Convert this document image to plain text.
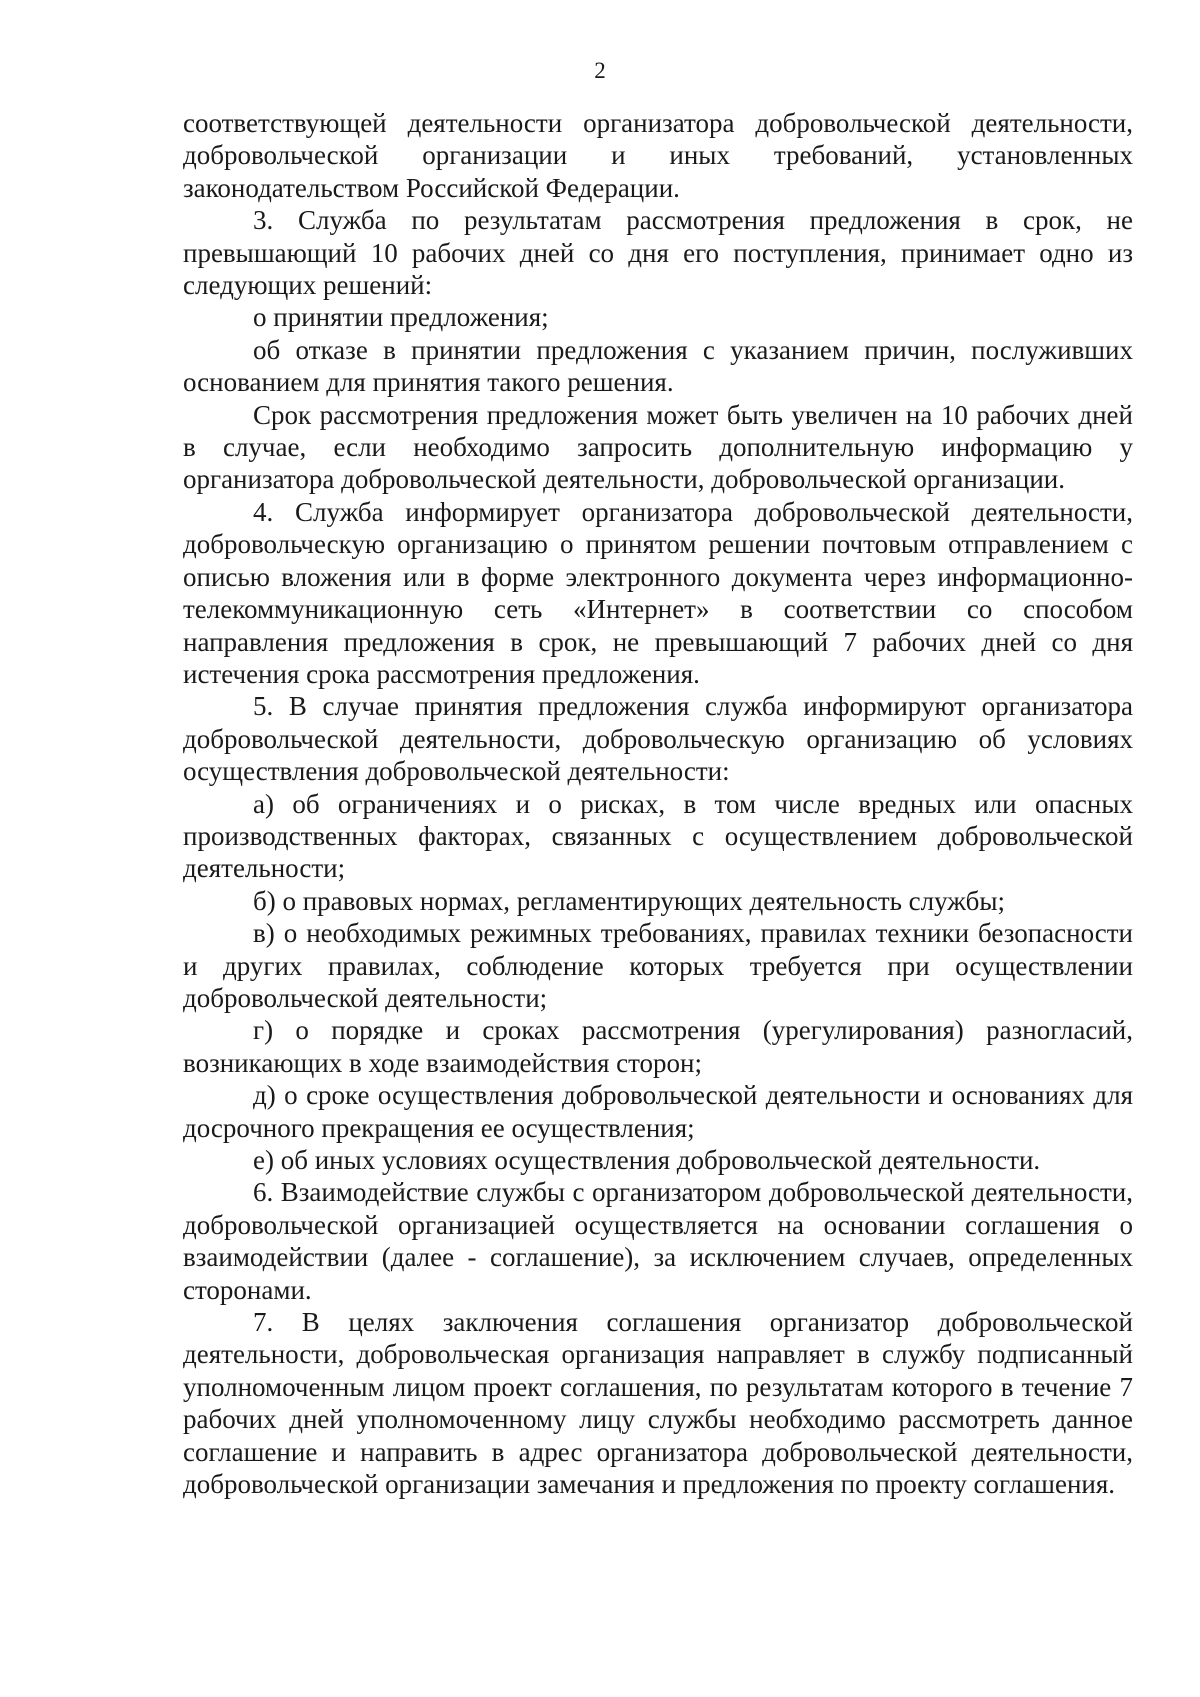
2

соответствующей деятельности организатора добровольческой деятельности, добровольческой организации и иных требований, установленных законодательством Российской Федерации.

3. Служба по результатам рассмотрения предложения в срок, не превышающий 10 рабочих дней со дня его поступления, принимает одно из следующих решений:

о принятии предложения;

об отказе в принятии предложения с указанием причин, послуживших основанием для принятия такого решения.

Срок рассмотрения предложения может быть увеличен на 10 рабочих дней в случае, если необходимо запросить дополнительную информацию у организатора добровольческой деятельности, добровольческой организации.

4. Служба информирует организатора добровольческой деятельности, добровольческую организацию о принятом решении почтовым отправлением с описью вложения или в форме электронного документа через информационно-телекоммуникационную сеть «Интернет» в соответствии со способом направления предложения в срок, не превышающий 7 рабочих дней со дня истечения срока рассмотрения предложения.

5. В случае принятия предложения служба информируют организатора добровольческой деятельности, добровольческую организацию об условиях осуществления добровольческой деятельности:

а) об ограничениях и о рисках, в том числе вредных или опасных производственных факторах, связанных с осуществлением добровольческой деятельности;

б) о правовых нормах, регламентирующих деятельность службы;

в) о необходимых режимных требованиях, правилах техники безопасности и других правилах, соблюдение которых требуется при осуществлении добровольческой деятельности;

г) о порядке и сроках рассмотрения (урегулирования) разногласий, возникающих в ходе взаимодействия сторон;

д) о сроке осуществления добровольческой деятельности и основаниях для досрочного прекращения ее осуществления;

е) об иных условиях осуществления добровольческой деятельности.

6. Взаимодействие службы с организатором добровольческой деятельности, добровольческой организацией осуществляется на основании соглашения о взаимодействии (далее - соглашение), за исключением случаев, определенных сторонами.

7. В целях заключения соглашения организатор добровольческой деятельности, добровольческая организация направляет в службу подписанный уполномоченным лицом проект соглашения, по результатам которого в течение 7 рабочих дней уполномоченному лицу службы необходимо рассмотреть данное соглашение и направить в адрес организатора добровольческой деятельности, добровольческой организации замечания и предложения по проекту соглашения.
